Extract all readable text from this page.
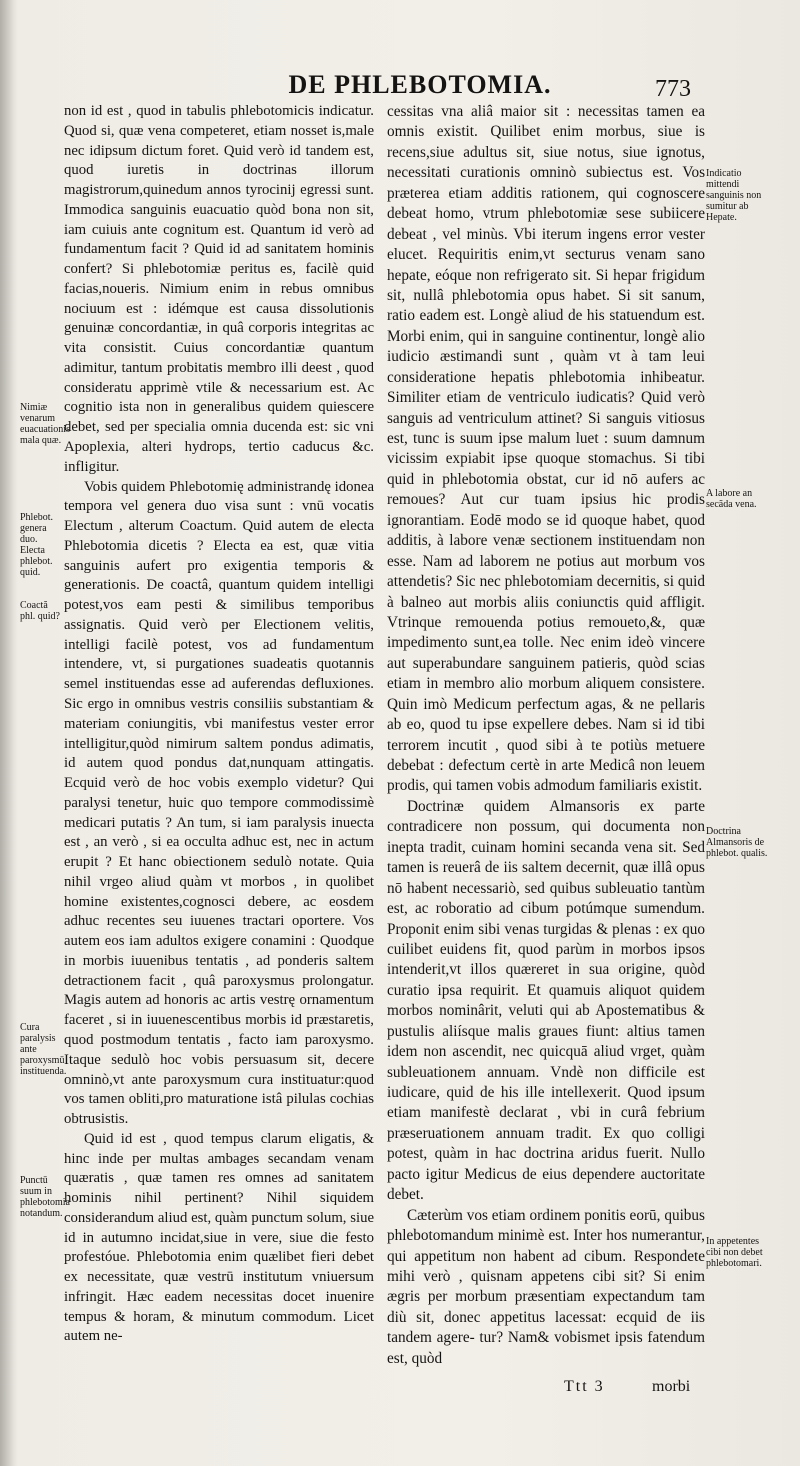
DE PHLEBOTOMIA.	773
Nimiæ venarum euacuationis mala quæ.
Phlebot. genera duo. Electa phlebot. quid.
Coactă phl. quid?
Cura paralysis ante paroxysmū instituenda.
Punctū suum in phlebotomia notandum.
Indicatio mittendi sanguinis non sumitur ab Hepate.
A labore an secãda vena.
Doctrina Almansoris de phlebot. qualis.
In appetentes cibi non debet phlebotomari.

non id est , quod in tabulis phlebotomicis indicatur. Quod si, quæ vena competeret, etiam nosset is,male nec idipsum dictum foret. Quid verò id tandem est, quod iuretis in doctrinas illorum magistrorum,quinedum annos tyrocinij egressi sunt. Immodica sanguinis euacuatio quòd bona non sit, iam cuiuis ante cognitum est. Quantum id verò ad fundamentum facit ? Quid id ad sanitatem hominis confert? Si phlebotomiæ peritus es, facilè quid facias,noueris. Nimium enim in rebus omnibus nociuum est : idémque est causa dissolutionis genuinæ concordantiæ, in quâ corporis integritas ac vita consistit. Cuius concordantiæ quantum adimitur, tantum probitatis membro illi deest , quod consideratu apprimè vtile & necessarium est. Ac cognitio ista non in generalibus quidem quiescere debet, sed per specialia omnia ducenda est: sic vni Apoplexia, alteri hydrops, tertio caducus &c. infligitur.

Vobis quidem Phlebotomię administrandę idonea tempora vel genera duo visa sunt : vnū vocatis Electum , alterum Coactum. Quid autem de electa Phlebotomia dicetis ? Electa ea est, quæ vitia sanguinis aufert pro exigentia temporis & generationis. De coactâ, quantum quidem intelligi potest,vos eam pesti & similibus temporibus assignatis. Quid verò per Electionem velitis, intelligi facilè potest, vos ad fundamentum intendere, vt, si purgationes suadeatis quotannis semel instituendas esse ad auferendas defluxiones. Sic ergo in omnibus vestris consiliis substantiam & materiam coniungitis, vbi manifestus vester error intelligitur,quòd nimirum saltem pondus adimatis, id autem quod pondus dat,nunquam attingatis. Ecquid verò de hoc vobis exemplo videtur? Qui paralysi tenetur, huic quo tempore commodissimè medicari putatis ? An tum, si iam paralysis inuecta est , an verò , si ea occulta adhuc est, nec in actum erupit ? Et hanc obiectionem sedulò notate. Quia nihil vrgeo aliud quàm vt morbos , in quolibet homine existentes,cognosci debere, ac eosdem adhuc recentes seu iuuenes tractari oportere. Vos autem eos iam adultos exigere conamini : Quodque in morbis iuuenibus tentatis , ad ponderis saltem detractionem facit , quâ paroxysmus prolongatur. Magis autem ad honoris ac artis vestrę ornamentum faceret , si in iuuenescentibus morbis id præstaretis, quod postmodum tentatis , facto iam paroxysmo. Itaque sedulò hoc vobis persuasum sit, decere omninò,vt ante paroxysmum cura instituatur:quod vos tamen obliti,pro maturatione istâ pilulas cochias obtrusistis.

Quid id est , quod tempus clarum eligatis, & hinc inde per multas ambages secandam venam quæratis , quæ tamen res omnes ad sanitatem hominis nihil pertinent? Nihil siquidem considerandum aliud est, quàm punctum solum, siue id in autumno incidat,siue in vere, siue die festo profestóue. Phlebotomia enim quælibet fieri debet ex necessitate, quæ vestrū institutum vniuersum infringit. Hæc eadem necessitas docet inuenire tempus & horam, & minutum commodum. Licet autem ne-

cessitas vna aliâ maior sit : necessitas tamen ea omnis existit. Quilibet enim morbus, siue is recens,siue adultus sit, siue notus, siue ignotus, necessitati curationis omninò subiectus est. Vos præterea etiam additis rationem, qui cognoscere debeat homo, vtrum phlebotomiæ sese subiicere debeat , vel minùs. Vbi iterum ingens error vester elucet. Requiritis enim,vt secturus venam sano hepate, eóque non refrigerato sit. Si hepar frigidum sit, nullâ phlebotomia opus habet. Si sit sanum, ratio eadem est. Longè aliud de his statuendum est. Morbi enim, qui in sanguine continentur, longè alio iudicio æstimandi sunt , quàm vt à tam leui consideratione hepatis phlebotomia inhibeatur. Similiter etiam de ventriculo iudicatis? Quid verò sanguis ad ventriculum attinet? Si sanguis vitiosus est, tunc is suum ipse malum luet : suum damnum vicissim expiabit ipse quoque stomachus. Si tibi quid in phlebotomia obstat, cur id nō aufers ac remoues? Aut cur tuam ipsius hic prodis ignorantiam. Eodē modo se id quoque habet, quod additis, à labore venæ sectionem instituendam non esse. Nam ad laborem ne potius aut morbum vos attendetis? Sic nec phlebotomiam decernitis, si quid à balneo aut morbis aliis coniunctis quid affligit. Vtrinque remouenda potius remoueto,&, quæ impedimento sunt,ea tolle. Nec enim ideò vincere aut superabundare sanguinem patieris, quòd scias etiam in membro alio morbum aliquem consistere. Quin imò Medicum perfectum agas, & ne pellaris ab eo, quod tu ipse expellere debes. Nam si id tibi terrorem incutit , quod sibi à te potiùs metuere debebat : defectum certè in arte Medicâ non leuem prodis, qui tamen vobis admodum familiaris existit.

Doctrinæ quidem Almansoris ex parte contradicere non possum, qui documenta non inepta tradit, cuinam homini secanda vena sit. Sed tamen is reuerâ de iis saltem decernit, quæ illâ opus nō habent necessariò, sed quibus subleuatio tantùm est, ac roboratio ad cibum potúmque sumendum. Proponit enim sibi venas turgidas & plenas : ex quo cuilibet euidens fit, quod parùm in morbos ipsos intenderit,vt illos quæreret in sua origine, quòd curatio ipsa requirit. Et quamuis aliquot quidem morbos nominârit, veluti qui ab Apostematibus & pustulis aliísque malis graues fiunt: altius tamen idem non ascendit, nec quicquā aliud vrget, quàm subleuationem annuam. Vndè non difficile est iudicare, quid de his ille intellexerit. Quod ipsum etiam manifestè declarat , vbi in curâ febrium præseruationem annuam tradit. Ex quo colligi potest, quàm in hac doctrina aridus fuerit. Nullo pacto igitur Medicus de eius dependere auctoritate debet.

Cæterùm vos etiam ordinem ponitis eorū, quibus phlebotomandum minimè est. Inter hos numerantur, qui appetitum non habent ad cibum. Respondete mihi verò , quisnam appetens cibi sit? Si enim ægris per morbum præsentiam expectandum tam diù sit, donec appetitus lacessat: ecquid de iis tandem agere- tur? Nam& vobismet ipsis fatendum est, quòd

Ttt 3	morbi
